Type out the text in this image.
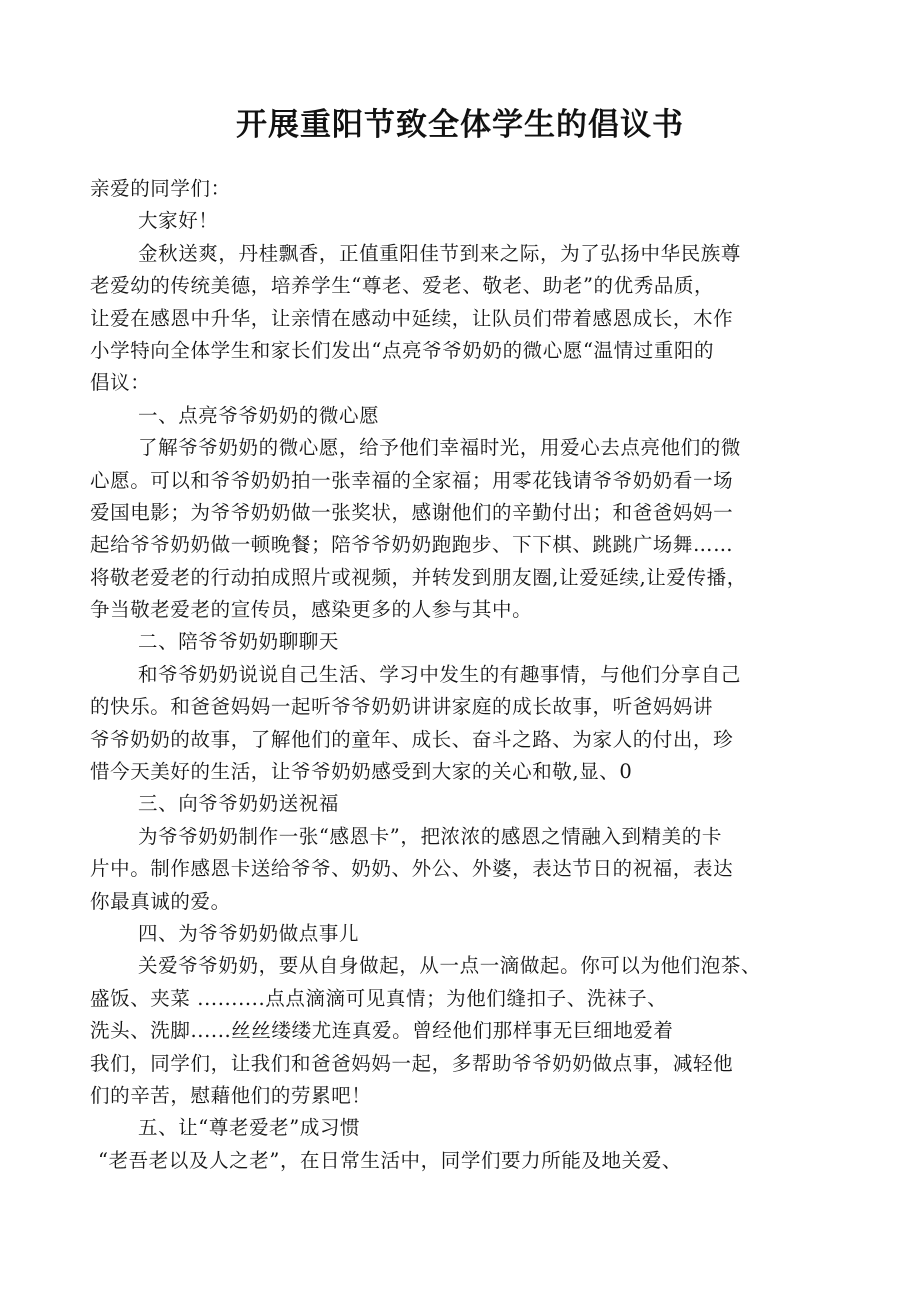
开展重阳节致全体学生的倡议书
亲爱的同学们：
大家好！
金秋送爽，丹桂飘香，正值重阳佳节到来之际，为了弘扬中华民族尊
老爱幼的传统美德，培养学生“尊老、爱老、敬老、助老”的优秀品质，
让爱在感恩中升华，让亲情在感动中延续，让队员们带着感恩成长，木作
小学特向全体学生和家长们发出“点亮爷爷奶奶的微心愿“温情过重阳的
倡议：
一、点亮爷爷奶奶的微心愿
了解爷爷奶奶的微心愿，给予他们幸福时光，用爱心去点亮他们的微
心愿。可以和爷爷奶奶拍一张幸福的全家福；用零花钱请爷爷奶奶看一场
爱国电影；为爷爷奶奶做一张奖状，感谢他们的辛勤付出；和爸爸妈妈一
起给爷爷奶奶做一顿晚餐；陪爷爷奶奶跑跑步、下下棋、跳跳广场舞……
将敬老爱老的行动拍成照片或视频，并转发到朋友圈,让爱延续,让爱传播，
争当敬老爱老的宣传员，感染更多的人参与其中。
二、陪爷爷奶奶聊聊天
和爷爷奶奶说说自己生活、学习中发生的有趣事情，与他们分享自己
的快乐。和爸爸妈妈一起听爷爷奶奶讲讲家庭的成长故事，听爸妈妈讲
爷爷奶奶的故事，了解他们的童年、成长、奋斗之路、为家人的付出，珍
惜今天美好的生活，让爷爷奶奶感受到大家的关心和敬,显、0
三、向爷爷奶奶送祝福
为爷爷奶奶制作一张“感恩卡”，把浓浓的感恩之情融入到精美的卡
片中。制作感恩卡送给爷爷、奶奶、外公、外婆，表达节日的祝福，表达
你最真诚的爱。
四、为爷爷奶奶做点事儿
关爱爷爷奶奶，要从自身做起，从一点一滴做起。你可以为他们泡茶、
盛饭、夹菜 ..........点点滴滴可见真情；为他们缝扣子、洗袜子、
洗头、洗脚......丝丝缕缕尤连真爱。曾经他们那样事无巨细地爱着
我们，同学们，让我们和爸爸妈妈一起，多帮助爷爷奶奶做点事，减轻他
们的辛苦，慰藉他们的劳累吧！
五、让“尊老爱老”成习惯
“老吾老以及人之老”，在日常生活中，同学们要力所能及地关爱、
